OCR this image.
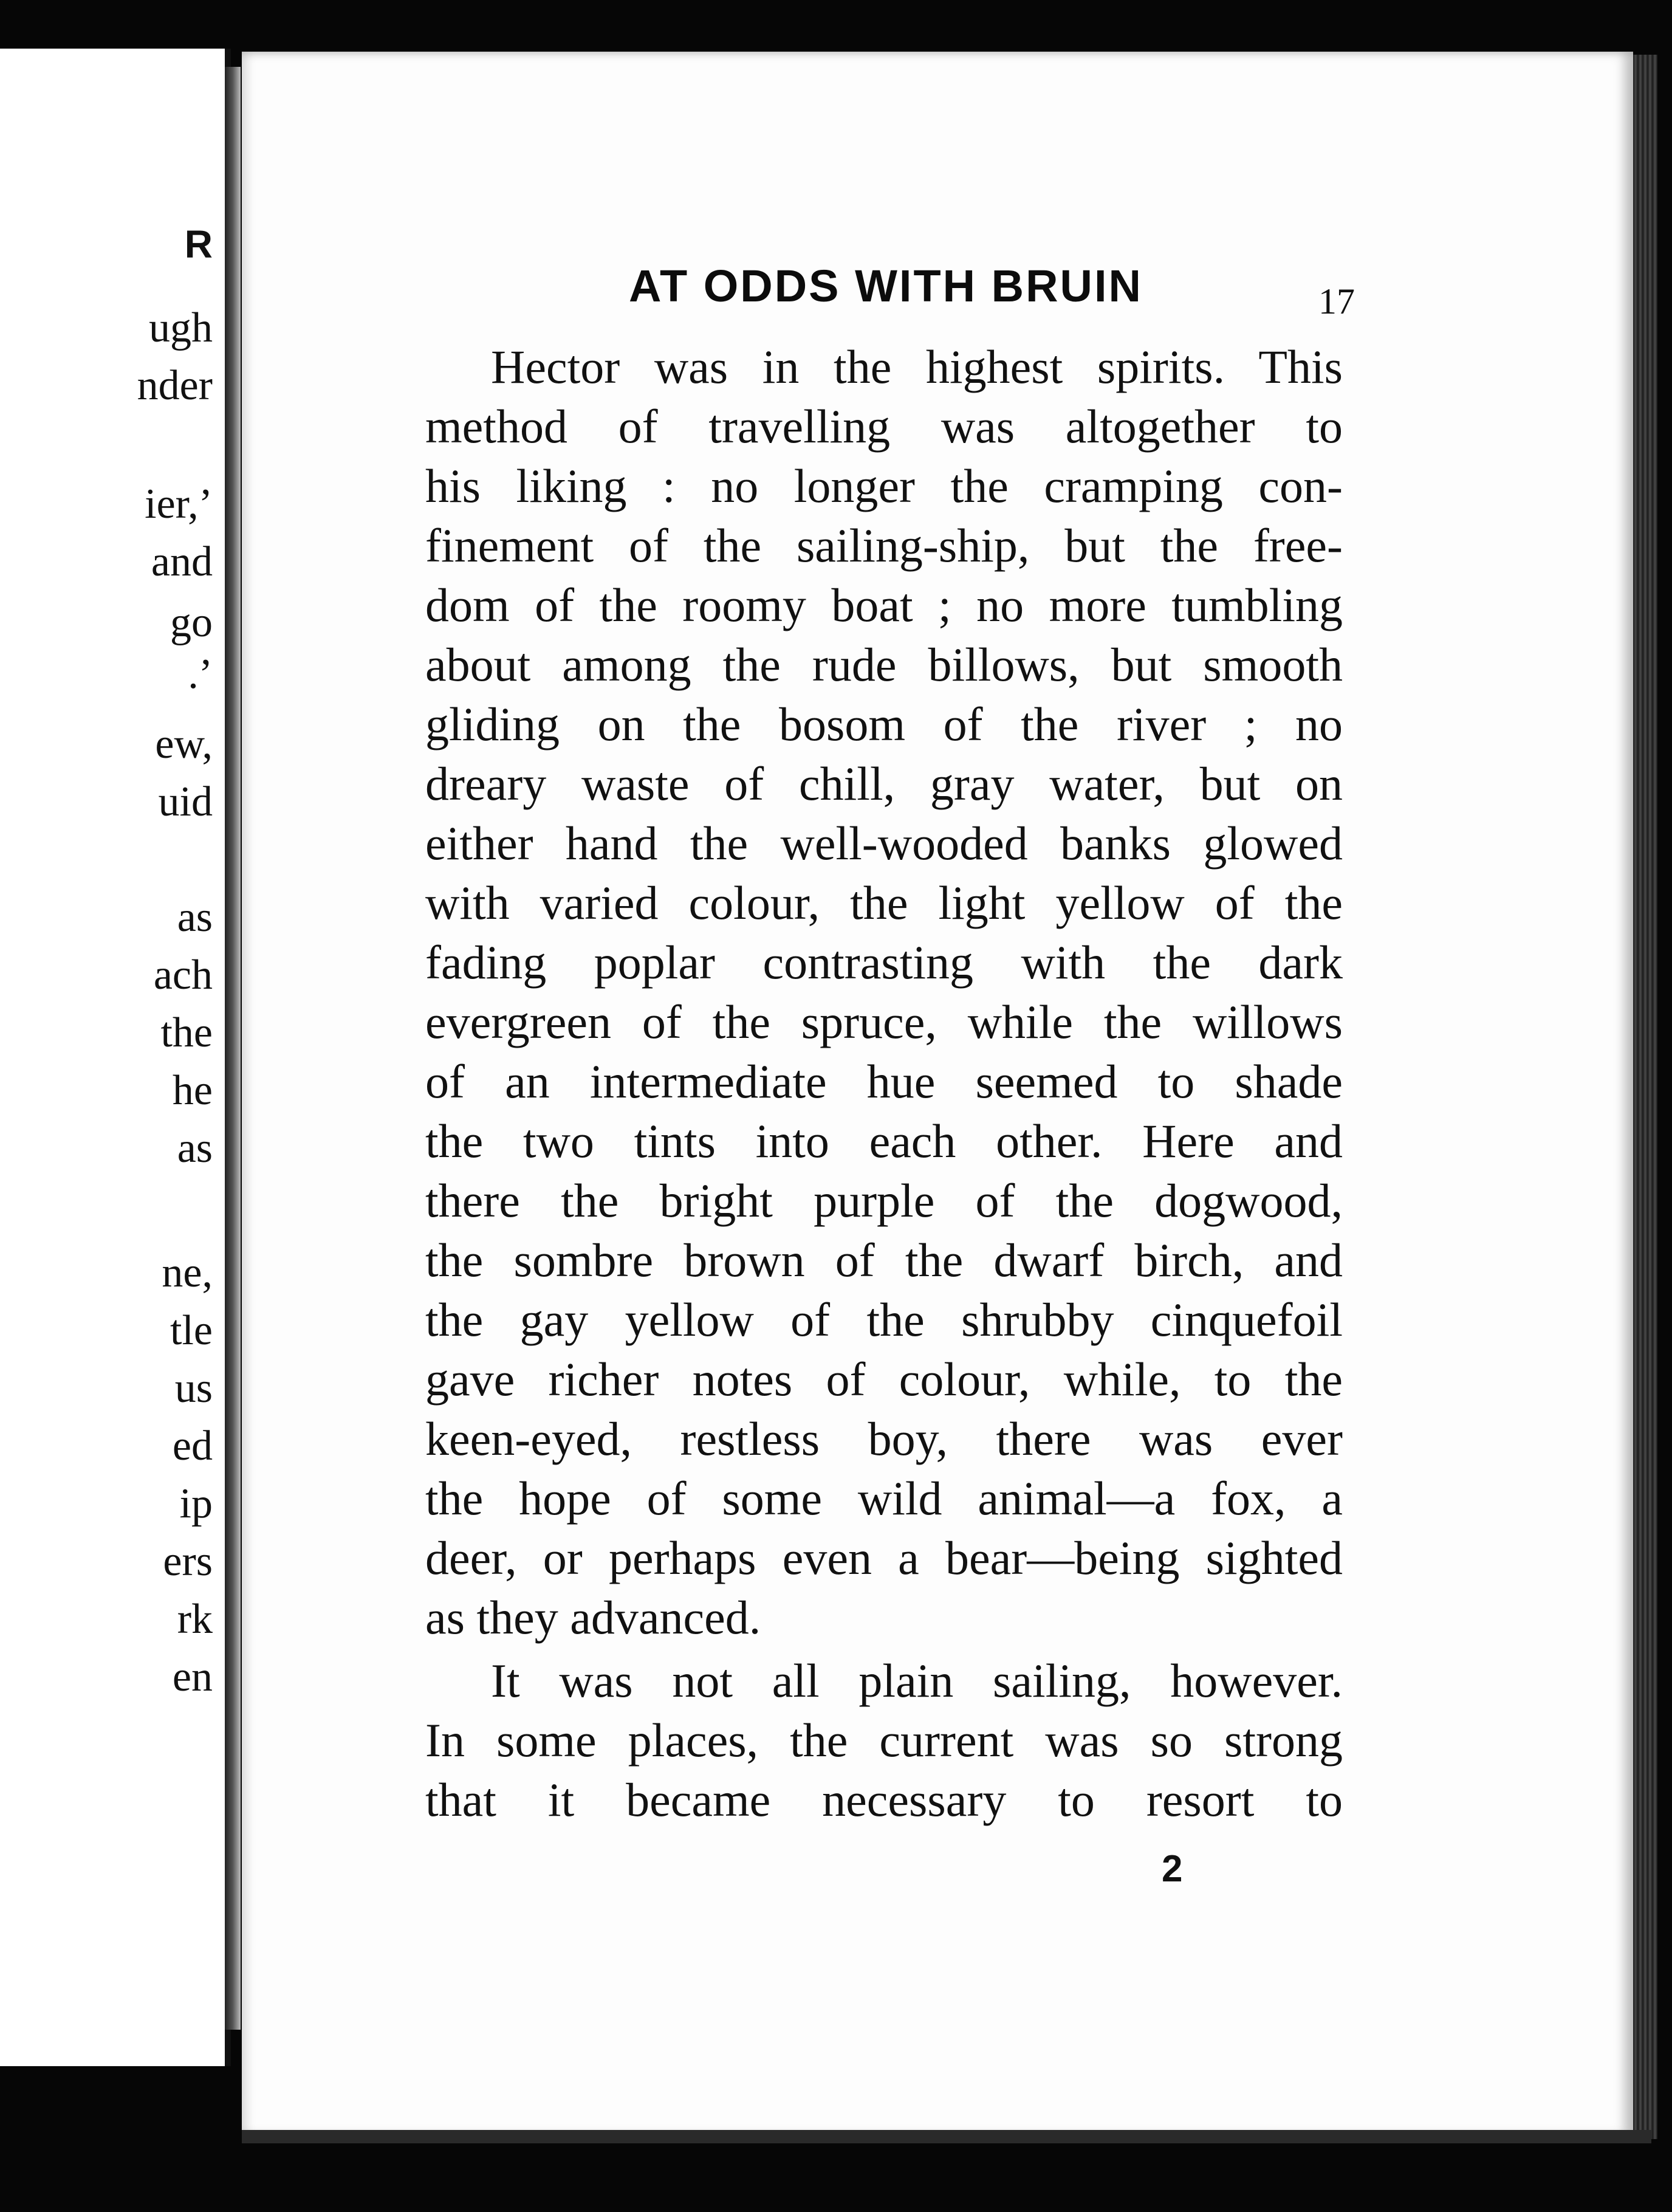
R

ugh

nder

ier,’

and

go

.’

ew,

uid

as

ach

the

he

as

ne,

tle

us

ed

ip

ers

rk

en

AT ODDS WITH BRUIN	17

Hector was in the highest spirits. This
method of travelling was altogether to
his liking : no longer the cramping con-
finement of the sailing-ship, but the free-
dom of the roomy boat ; no more tumbling
about among the rude billows, but smooth
gliding on the bosom of the river ; no
dreary waste of chill, gray water, but on
either hand the well-wooded banks glowed
with varied colour, the light yellow of the
fading poplar contrasting with the dark
evergreen of the spruce, while the willows
of an intermediate hue seemed to shade
the two tints into each other. Here and
there the bright purple of the dogwood,
the sombre brown of the dwarf birch, and
the gay yellow of the shrubby cinquefoil
gave richer notes of colour, while, to the
keen-eyed, restless boy, there was ever
the hope of some wild animal—a fox, a
deer, or perhaps even a bear—being sighted
as they advanced.
It was not all plain sailing, however.
In some places, the current was so strong
that it became necessary to resort to

2
